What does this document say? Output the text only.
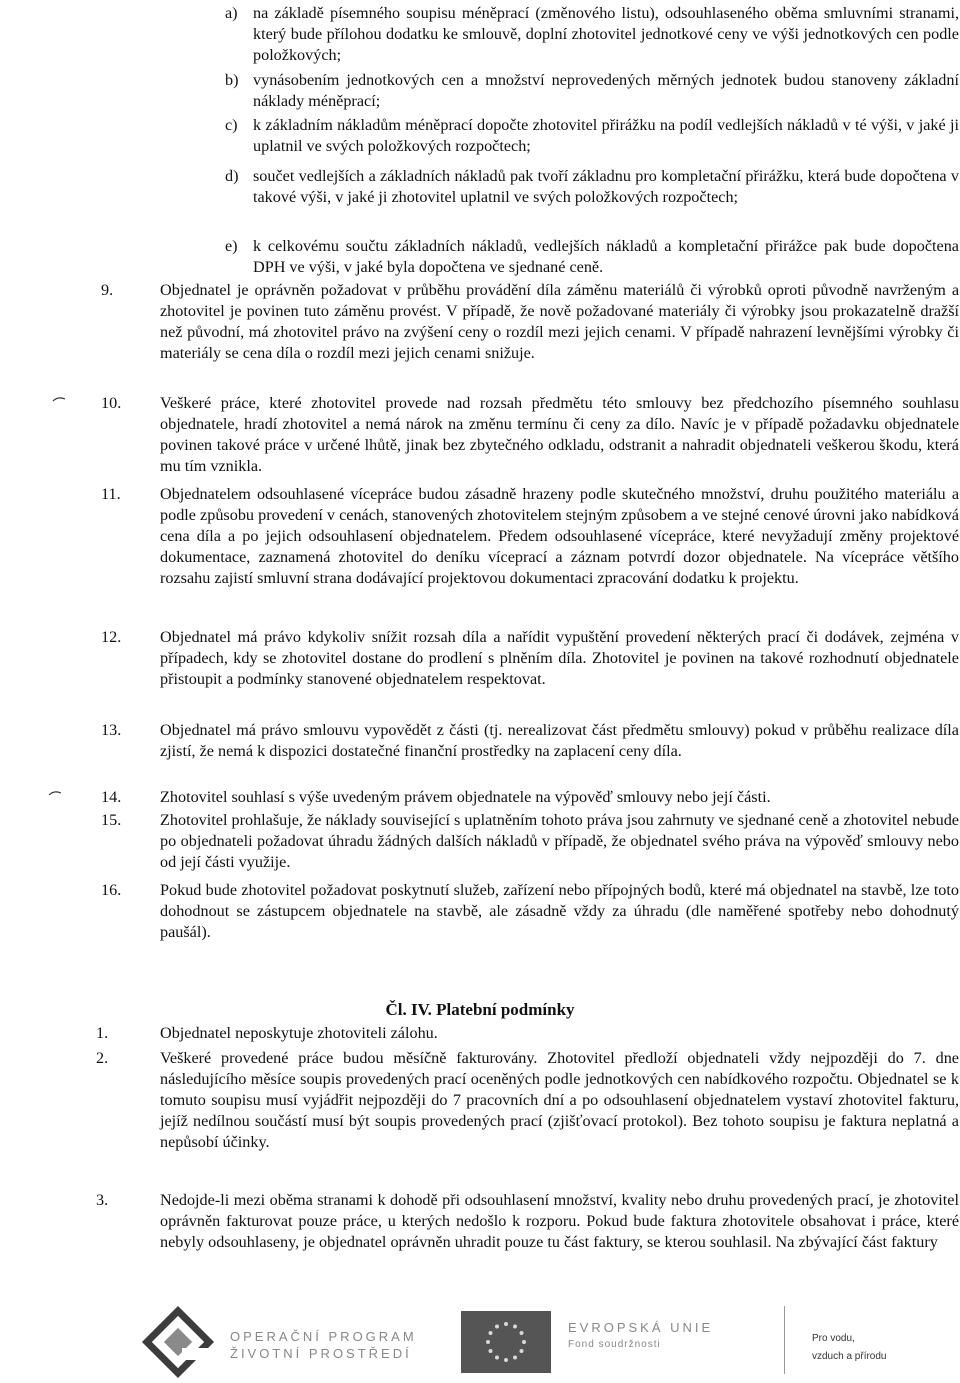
a) na základě písemného soupisu méněprací (změnového listu), odsouhlaseného oběma smluvními stranami, který bude přílohou dodatku ke smlouvě, doplní zhotovitel jednotkové ceny ve výši jednotkových cen podle položkových;
b) vynásobením jednotkových cen a množství neprovedených měrných jednotek budou stanoveny základní náklady méněprací;
c) k základním nákladům méněprací dopočte zhotovitel přirážku na podíl vedlejších nákladů v té výši, v jaké ji uplatnil ve svých položkových rozpočtech;
d) součet vedlejších a základních nákladů pak tvoří základnu pro kompletační přirážku, která bude dopočtena v takové výši, v jaké ji zhotovitel uplatnil ve svých položkových rozpočtech;
e) k celkovému součtu základních nákladů, vedlejších nákladů a kompletační přirážce pak bude dopočtena DPH ve výši, v jaké byla dopočtena ve sjednané ceně.
9.	Objednatel je oprávněn požadovat v průběhu provádění díla záměnu materiálů či výrobků oproti původně navrženým a zhotovitel je povinen tuto záměnu provést. V případě, že nově požadované materiály či výrobky jsou prokazatelně dražší než původní, má zhotovitel právo na zvýšení ceny o rozdíl mezi jejich cenami. V případě nahrazení levnějšími výrobky či materiály se cena díla o rozdíl mezi jejich cenami snižuje.
10. Veškeré práce, které zhotovitel provede nad rozsah předmětu této smlouvy bez předchozího písemného souhlasu objednatele, hradí zhotovitel a nemá nárok na změnu termínu či ceny za dílo. Navíc je v případě požadavku objednatele povinen takové práce v určené lhůtě, jinak bez zbytečného odkladu, odstranit a nahradit objednateli veškerou škodu, která mu tím vznikla.
11. Objednatelem odsouhlasené vícepráce budou zásadně hrazeny podle skutečného množství, druhu použitého materiálu a podle způsobu provedení v cenách, stanovených zhotovitelem stejným způsobem a ve stejné cenové úrovni jako nabídková cena díla a po jejich odsouhlasení objednatelem. Předem odsouhlasené vícepráce, které nevyžadují změny projektové dokumentace, zaznamená zhotovitel do deníku víceprací a záznam potvrdí dozor objednatele. Na vícepráce většího rozsahu zajistí smluvní strana dodávající projektovou dokumentaci zpracování dodatku k projektu.
12. Objednatel má právo kdykoliv snížit rozsah díla a nařídit vypuštění provedení některých prací či dodávek, zejména v případech, kdy se zhotovitel dostane do prodlení s plněním díla. Zhotovitel je povinen na takové rozhodnutí objednatele přistoupit a podmínky stanovené objednatelem respektovat.
13. Objednatel má právo smlouvu vypovědět z části (tj. nerealizovat část předmětu smlouvy) pokud v průběhu realizace díla zjistí, že nemá k dispozici dostatečné finanční prostředky na zaplacení ceny díla.
14. Zhotovitel souhlasí s výše uvedeným právem objednatele na výpověď smlouvy nebo její části.
15. Zhotovitel prohlašuje, že náklady související s uplatněním tohoto práva jsou zahrnuty ve sjednané ceně a zhotovitel nebude po objednateli požadovat úhradu žádných dalších nákladů v případě, že objednatel svého práva na výpověď smlouvy nebo od její části využije.
16. Pokud bude zhotovitel požadovat poskytnutí služeb, zařízení nebo přípojných bodů, které má objednatel na stavbě, lze toto dohodnout se zástupcem objednatele na stavbě, ale zásadně vždy za úhradu (dle naměřené spotřeby nebo dohodnutý paušál).
Čl. IV. Platební podmínky
1.	Objednatel neposkytuje zhotoviteli zálohu.
2.	Veškeré provedené práce budou měsíčně fakturovány. Zhotovitel předloží objednateli vždy nejpozději do 7. dne následujícího měsíce soupis provedených prací oceněných podle jednotkových cen nabídkového rozpočtu. Objednatel se k tomuto soupisu musí vyjádřit nejpozději do 7 pracovních dní a po odsouhlasení objednatelem vystaví zhotovitel fakturu, jejíž nedílnou součástí musí být soupis provedených prací (zjišťovací protokol). Bez tohoto soupisu je faktura neplatná a nepůsobí účinky.
3.	Nedojde-li mezi oběma stranami k dohodě při odsouhlasení množství, kvality nebo druhu provedených prací, je zhotovitel oprávněn fakturovat pouze práce, u kterých nedošlo k rozporu. Pokud bude faktura zhotovitele obsahovat i práce, které nebyly odsouhlaseny, je objednatel oprávněn uhradit pouze tu část faktury, se kterou souhlasil. Na zbývající část faktury
OPERAČNÍ PROGRAM
ŽIVOTNÍ PROSTŘEDÍ
EVROPSKÁ UNIE
Fond soudržnosti
Pro vodu,
vzduch a přírodu
